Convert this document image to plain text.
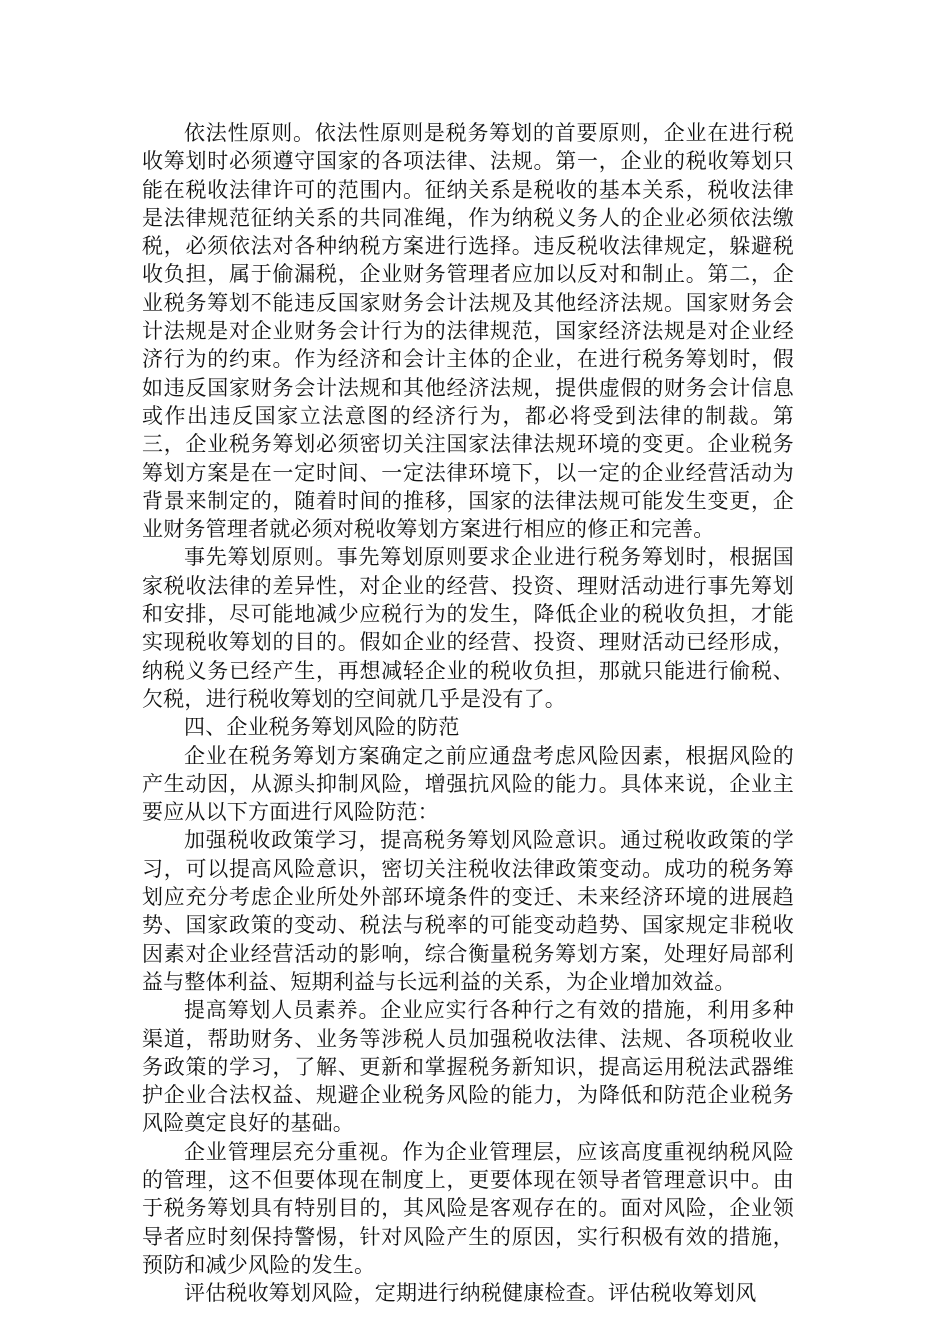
依法性原则。依法性原则是税务筹划的首要原则，企业在进行税收筹划时必须遵守国家的各项法律、法规。第一，企业的税收筹划只能在税收法律许可的范围内。征纳关系是税收的基本关系，税收法律是法律规范征纳关系的共同准绳，作为纳税义务人的企业必须依法缴税，必须依法对各种纳税方案进行选择。违反税收法律规定，躲避税收负担，属于偷漏税，企业财务管理者应加以反对和制止。第二，企业税务筹划不能违反国家财务会计法规及其他经济法规。国家财务会计法规是对企业财务会计行为的法律规范，国家经济法规是对企业经济行为的约束。作为经济和会计主体的企业，在进行税务筹划时，假如违反国家财务会计法规和其他经济法规，提供虚假的财务会计信息或作出违反国家立法意图的经济行为，都必将受到法律的制裁。第三，企业税务筹划必须密切关注国家法律法规环境的变更。企业税务筹划方案是在一定时间、一定法律环境下，以一定的企业经营活动为背景来制定的，随着时间的推移，国家的法律法规可能发生变更，企业财务管理者就必须对税收筹划方案进行相应的修正和完善。

事先筹划原则。事先筹划原则要求企业进行税务筹划时，根据国家税收法律的差异性，对企业的经营、投资、理财活动进行事先筹划和安排，尽可能地减少应税行为的发生，降低企业的税收负担，才能实现税收筹划的目的。假如企业的经营、投资、理财活动已经形成，纳税义务已经产生，再想减轻企业的税收负担，那就只能进行偷税、欠税，进行税收筹划的空间就几乎是没有了。

四、企业税务筹划风险的防范

企业在税务筹划方案确定之前应通盘考虑风险因素，根据风险的产生动因，从源头抑制风险，增强抗风险的能力。具体来说，企业主要应从以下方面进行风险防范：

加强税收政策学习，提高税务筹划风险意识。通过税收政策的学习，可以提高风险意识，密切关注税收法律政策变动。成功的税务筹划应充分考虑企业所处外部环境条件的变迁、未来经济环境的进展趋势、国家政策的变动、税法与税率的可能变动趋势、国家规定非税收因素对企业经营活动的影响，综合衡量税务筹划方案，处理好局部利益与整体利益、短期利益与长远利益的关系，为企业增加效益。

提高筹划人员素养。企业应实行各种行之有效的措施，利用多种渠道，帮助财务、业务等涉税人员加强税收法律、法规、各项税收业务政策的学习，了解、更新和掌握税务新知识，提高运用税法武器维护企业合法权益、规避企业税务风险的能力，为降低和防范企业税务风险奠定良好的基础。

企业管理层充分重视。作为企业管理层，应该高度重视纳税风险的管理，这不但要体现在制度上，更要体现在领导者管理意识中。由于税务筹划具有特别目的，其风险是客观存在的。面对风险，企业领导者应时刻保持警惕，针对风险产生的原因，实行积极有效的措施，预防和减少风险的发生。

评估税收筹划风险，定期进行纳税健康检查。评估税收筹划风
